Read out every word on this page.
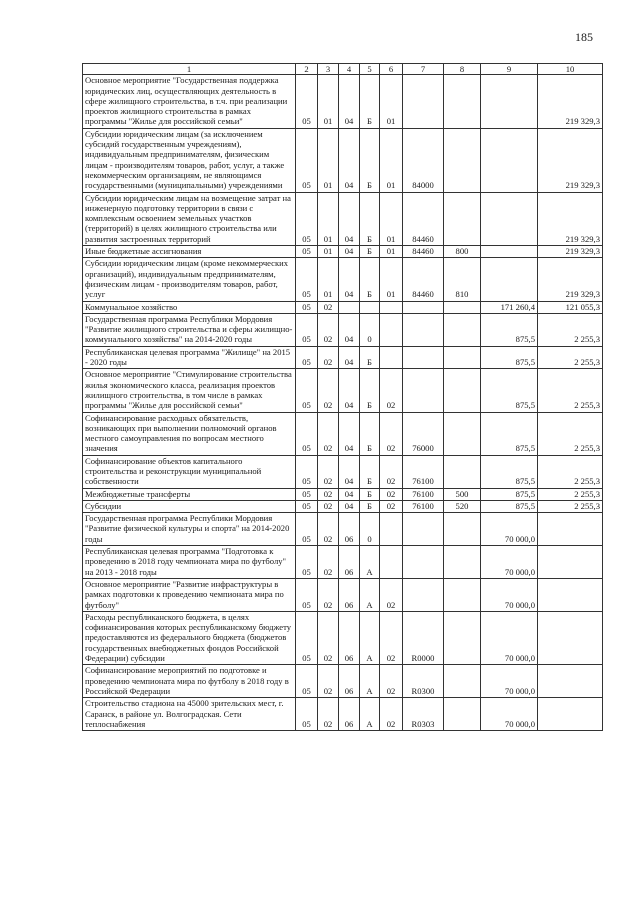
185
1	2	3	4	5	6	7	8	9	10
Основное мероприятие "Государственная поддержка юридических лиц, осуществляющих деятельность в сфере жилищного строительства, в т.ч. при реализации проектов жилищного строительства в рамках программы "Жилье для российской семьи"	05	01	04	Б	01				219 329,3
Субсидии юридическим лицам (за исключением субсидий государственным учреждениям), индивидуальным предпринимателям, физическим лицам - производителям товаров, работ, услуг, а также некоммерческим организациям, не являющимся государственными (муниципальными) учреждениями	05	01	04	Б	01	84000			219 329,3
Субсидии юридическим лицам на возмещение затрат на инженерную подготовку территории в связи с комплексным освоением земельных участков (территорий) в целях жилищного строительства или развития застроенных территорий	05	01	04	Б	01	84460			219 329,3
Иные бюджетные ассигнования	05	01	04	Б	01	84460	800		219 329,3
Субсидии юридическим лицам (кроме некоммерческих организаций), индивидуальным предпринимателям, физическим лицам - производителям товаров, работ, услуг	05	01	04	Б	01	84460	810		219 329,3
Коммунальное хозяйство	05	02						171 260,4	121 055,3
Государственная программа Республики Мордовия "Развитие жилищного строительства и сферы жилищно-коммунального хозяйства" на 2014-2020 годы	05	02	04	0				875,5	2 255,3
Республиканская целевая программа "Жилище" на 2015 - 2020 годы	05	02	04	Б				875,5	2 255,3
Основное мероприятие "Стимулирование строительства жилья экономического класса, реализация проектов жилищного строительства, в том числе в рамках программы "Жилье для российской семьи"	05	02	04	Б	02			875,5	2 255,3
Софинансирование расходных обязательств, возникающих при выполнении полномочий органов местного самоуправления по вопросам местного значения	05	02	04	Б	02	76000		875,5	2 255,3
Софинансирование объектов капитального строительства и реконструкции муниципальной собственности	05	02	04	Б	02	76100		875,5	2 255,3
Межбюджетные трансферты	05	02	04	Б	02	76100	500	875,5	2 255,3
Субсидии	05	02	04	Б	02	76100	520	875,5	2 255,3
Государственная программа Республики Мордовия "Развитие физической культуры и спорта" на 2014-2020 годы	05	02	06	0				70 000,0	
Республиканская целевая программа "Подготовка к проведению в 2018 году чемпионата мира по футболу" на 2013 - 2018 годы	05	02	06	А				70 000,0	
Основное мероприятие "Развитие инфраструктуры в рамках подготовки к проведению чемпионата мира по футболу"	05	02	06	А	02			70 000,0	
Расходы республиканского бюджета, в целях софинансирования которых республиканскому бюджету предоставляются из федерального бюджета (бюджетов государственных внебюджетных фондов Российской Федерации) субсидии	05	02	06	А	02	R0000		70 000,0	
Софинансирование мероприятий по подготовке и проведению чемпионата мира по футболу в 2018 году в Российской Федерации	05	02	06	А	02	R0300		70 000,0	
Строительство стадиона на 45000 зрительских мест, г. Саранск, в районе ул. Волгоградская. Сети теплоснабжения	05	02	06	А	02	R0303		70 000,0	
